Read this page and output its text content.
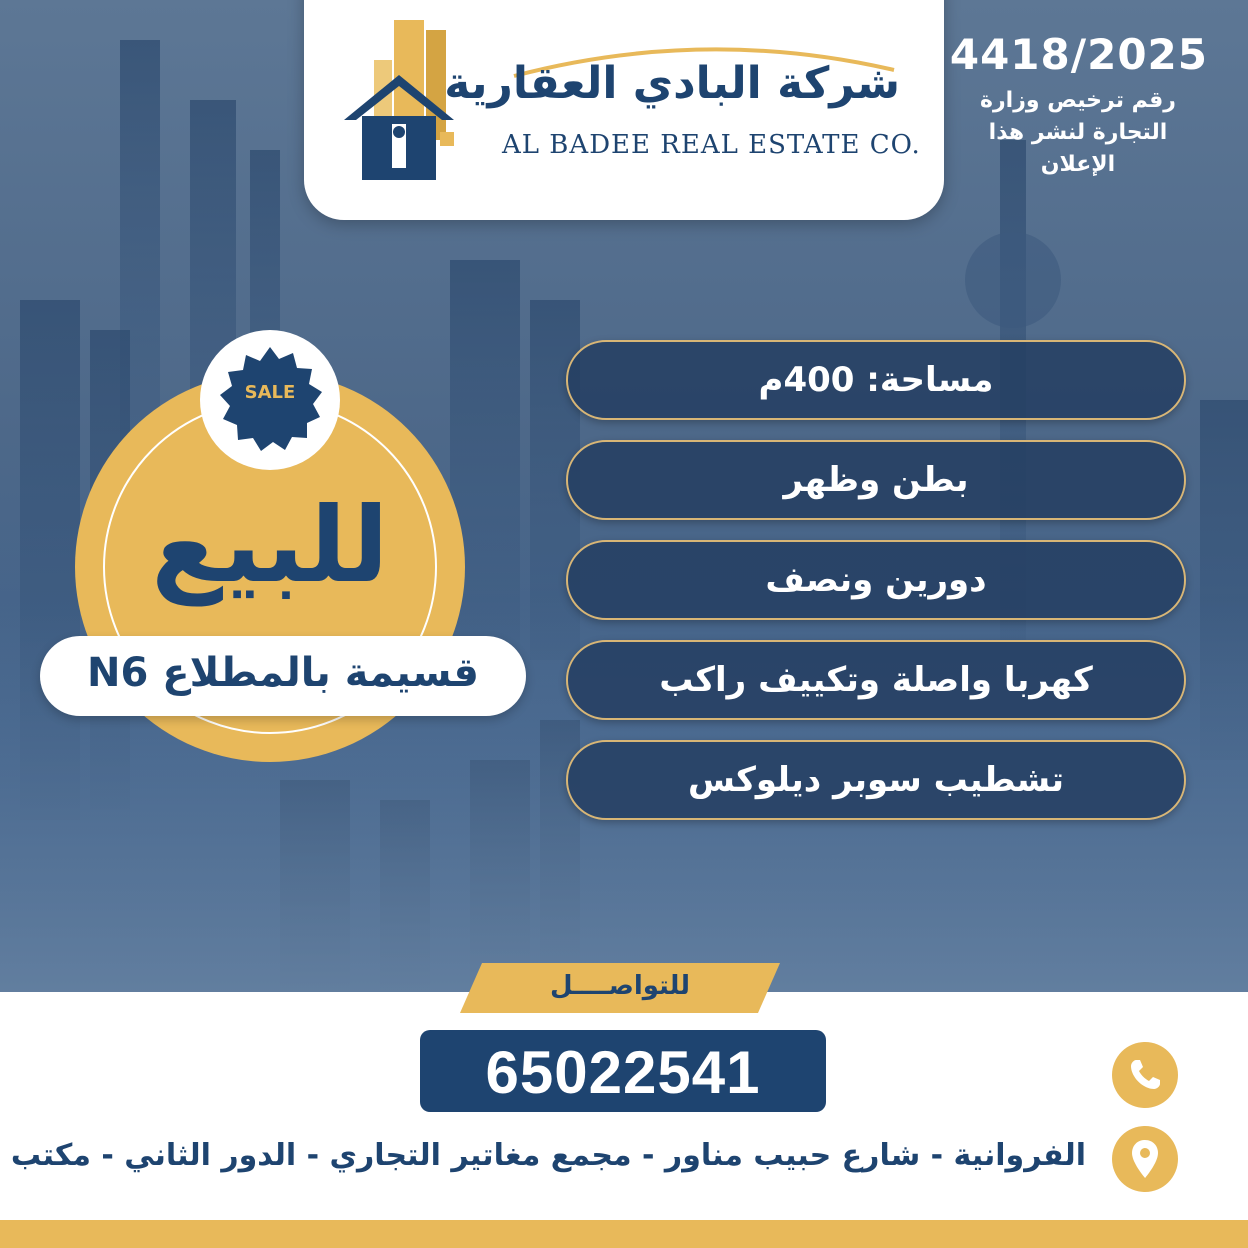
شركة البادي العقارية
AL BADEE REAL ESTATE CO.
4418/2025
رقم ترخيص وزارة
التجارة لنشر هذا
الإعلان
SALE
للبيع
قسيمة بالمطلاع N6
مساحة: 400م
بطن وظهر
دورين ونصف
كهربا واصلة وتكييف راكب
تشطيب سوبر ديلوكس
للتواصــــل
65022541
الفروانية - شارع حبيب مناور - مجمع مغاتير التجاري - الدور الثاني - مكتب
